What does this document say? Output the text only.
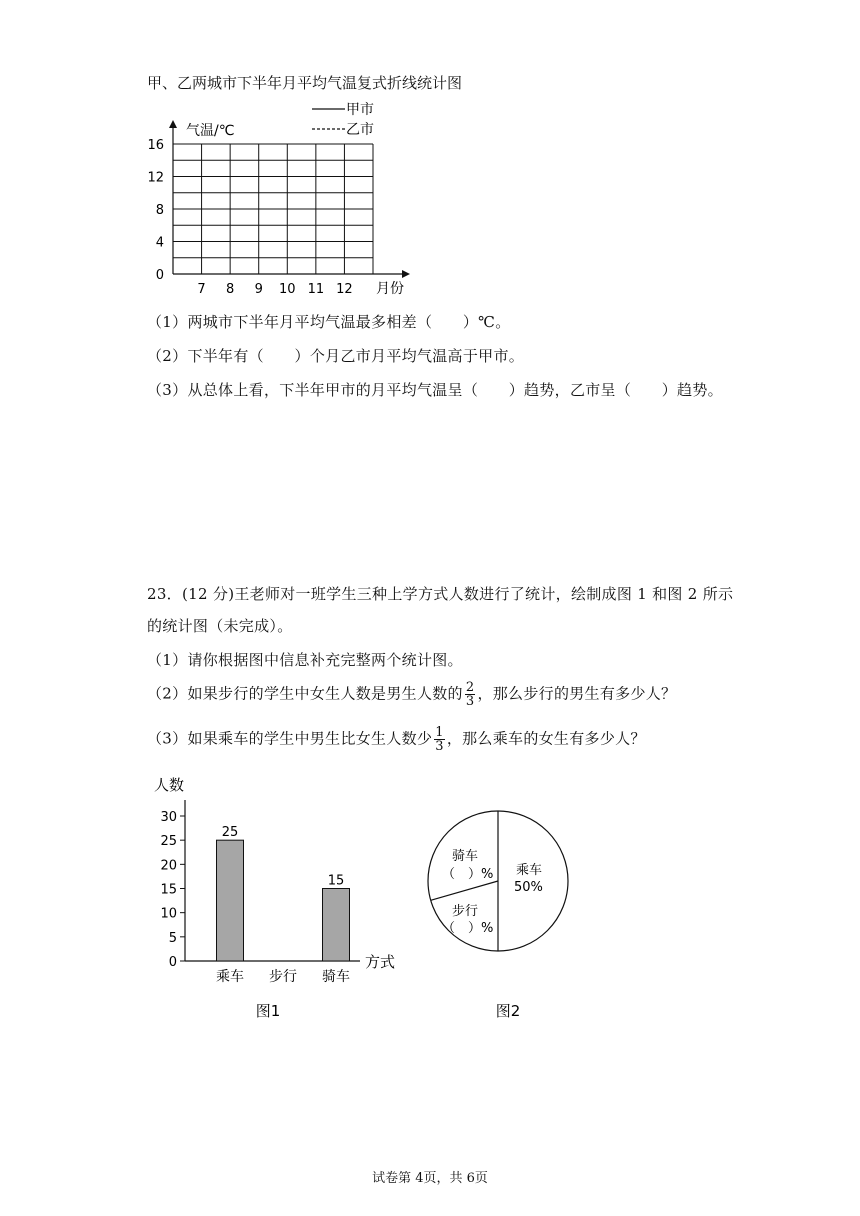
甲、乙两城市下半年月平均气温复式折线统计图
甲市
乙市
气温/℃
0
4
8
12
16
7 8 9 10 11 12 月份
（1）两城市下半年月平均气温最多相差（　　）℃。
（2）下半年有（　　）个月乙市月平均气温高于甲市。
（3）从总体上看，下半年甲市的月平均气温呈（　　）趋势，乙市呈（　　）趋势。
23．(12 分)王老师对一班学生三种上学方式人数进行了统计，绘制成图 1 和图 2 所示
的统计图（未完成）。
（1）请你根据图中信息补充完整两个统计图。
（2）如果步行的学生中女生人数是男生人数的 $\frac{2}{3}$ ，那么步行的男生有多少人？
（3）如果乘车的学生中男生比女生人数少 $\frac{1}{3}$ ，那么乘车的女生有多少人？
人数
0
5
10
15
20
25
30
25
乘车 步行
15
骑车
方式
图1
乘车
50%
骑车
（　）%
步行
（　）%
图2
试卷第 4页，共 6页
